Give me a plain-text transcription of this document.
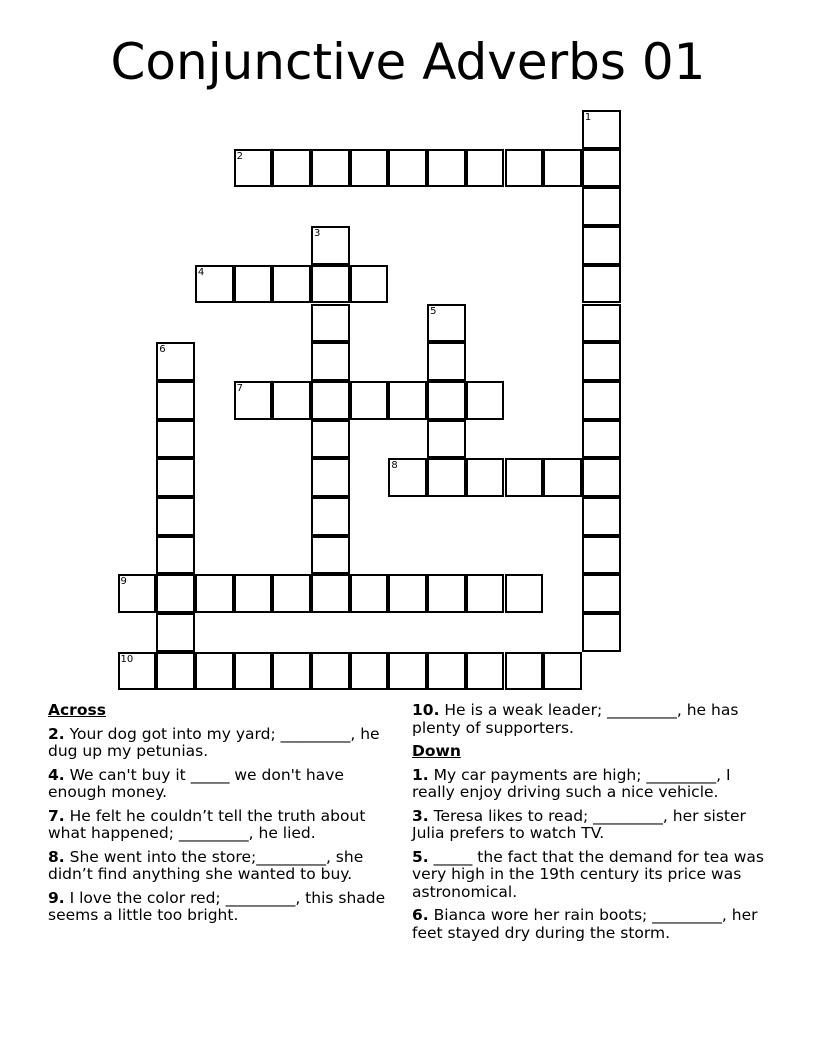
Conjunctive Adverbs 01
1
2
3
4
5
6
7
8
9
10
Across
2. Your dog got into my yard; _________, he dug up my petunias.
4. We can't buy it _____ we don't have enough money.
7. He felt he couldn’t tell the truth about what happened; _________, he lied.
8. She went into the store;_________, she didn’t find anything she wanted to buy.
9. I love the color red; _________, this shade seems a little too bright.
10. He is a weak leader; _________, he has plenty of supporters.
Down
1. My car payments are high; _________, I really enjoy driving such a nice vehicle.
3. Teresa likes to read; _________, her sister Julia prefers to watch TV.
5. _____ the fact that the demand for tea was very high in the 19th century its price was astronomical.
6. Bianca wore her rain boots; _________, her feet stayed dry during the storm.
